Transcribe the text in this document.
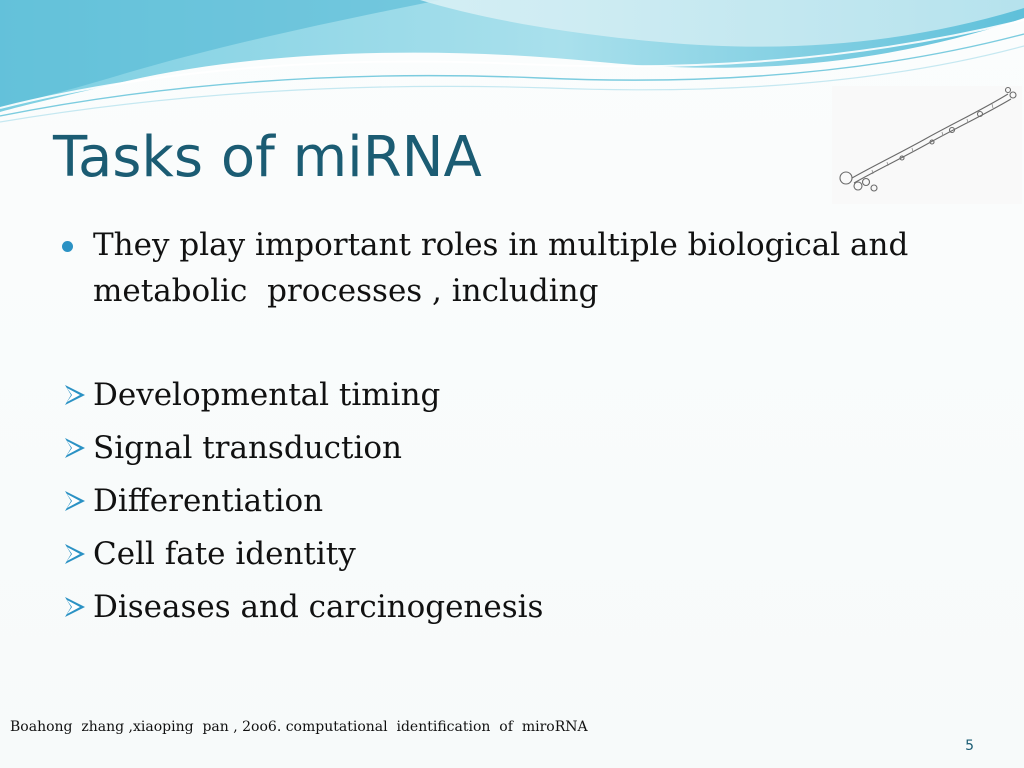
Tasks of miRNA
They play important roles in multiple biological and metabolic  processes , including
Developmental timing
Signal transduction
Differentiation
Cell fate identity
Diseases and carcinogenesis
Boahong  zhang ,xiaoping  pan , 2oo6. computational  identification  of  miroRNA
5
